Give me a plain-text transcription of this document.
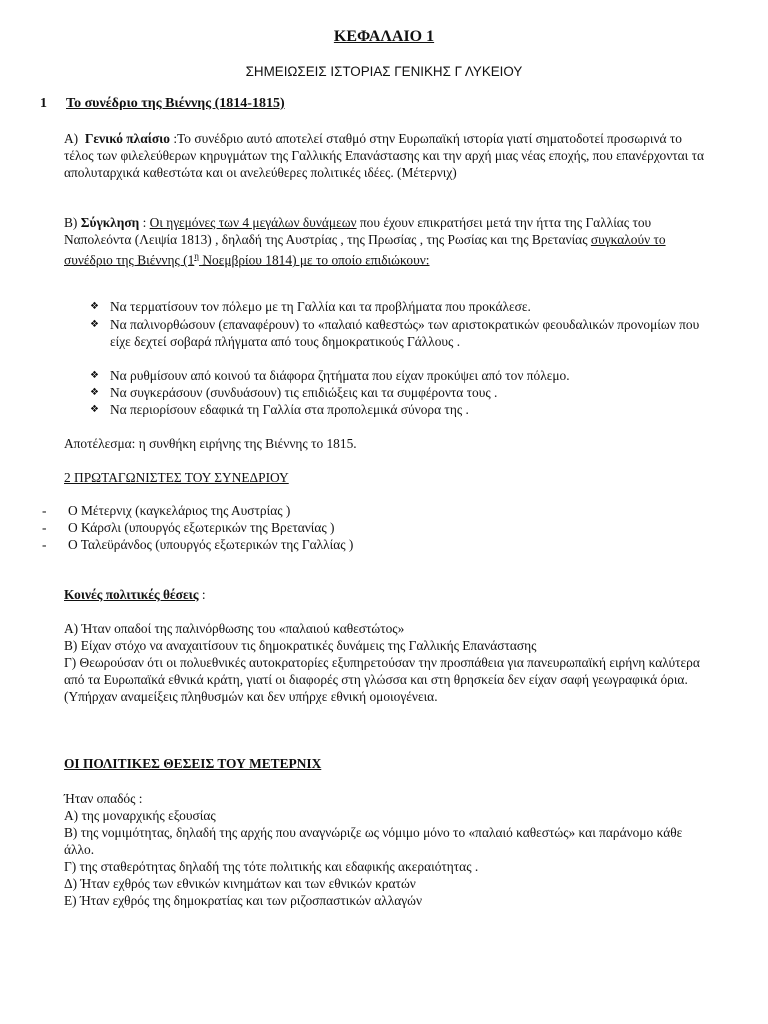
ΚΕΦΑΛΑΙΟ 1
ΣΗΜΕΙΩΣΕΙΣ ΙΣΤΟΡΙΑΣ ΓΕΝΙΚΗΣ Γ ΛΥΚΕΙΟΥ
1 Το συνέδριο της Βιέννης (1814-1815)
Α) Γενικό πλαίσιο :Το συνέδριο αυτό αποτελεί σταθμό στην Ευρωπαϊκή ιστορία γιατί σηματοδοτεί προσωρινά το τέλος των φιλελεύθερων κηρυγμάτων της Γαλλικής Επανάστασης και την αρχή μιας νέας εποχής, που επανέρχονται τα απολυταρχικά καθεστώτα και οι ανελεύθερες πολιτικές ιδέες. (Μέτερνιχ)
Β) Σύγκληση : Οι ηγεμόνες των 4 μεγάλων δυνάμεων που έχουν επικρατήσει μετά την ήττα της Γαλλίας του Ναπολεόντα (Λειψία 1813) , δηλαδή της Αυστρίας , της Πρωσίας , της Ρωσίας και της Βρετανίας συγκαλούν το συνέδριο της Βιέννης ($1^\eta$ Νοεμβρίου 1814) με το οποίο επιδιώκουν:
❖ Να τερματίσουν τον πόλεμο με τη Γαλλία και τα προβλήματα που προκάλεσε.
❖ Να παλινορθώσουν (επαναφέρουν) το «παλαιό καθεστώς» των αριστοκρατικών φεουδαλικών προνομίων που είχε δεχτεί σοβαρά πλήγματα από τους δημοκρατικούς Γάλλους .
❖ Να ρυθμίσουν από κοινού τα διάφορα ζητήματα που είχαν προκύψει από τον πόλεμο.
❖ Να συγκεράσουν (συνδυάσουν) τις επιδιώξεις και τα συμφέροντα τους .
❖ Να περιορίσουν εδαφικά τη Γαλλία στα προπολεμικά σύνορα της .
Αποτέλεσμα: η συνθήκη ειρήνης της Βιέννης το 1815.
2 ΠΡΩΤΑΓΩΝΙΣΤΕΣ ΤΟΥ ΣΥΝΕΔΡΙΟΥ
- Ο Μέτερνιχ (καγκελάριος της Αυστρίας )
- Ο Κάρσλι (υπουργός εξωτερικών της Βρετανίας )
- Ο Ταλεϋράνδος (υπουργός εξωτερικών της Γαλλίας )
Κοινές πολιτικές θέσεις :
Α) Ήταν οπαδοί της παλινόρθωσης του «παλαιού καθεστώτος»
Β) Είχαν στόχο να αναχαιτίσουν τις δημοκρατικές δυνάμεις της Γαλλικής Επανάστασης
Γ) Θεωρούσαν ότι οι πολυεθνικές αυτοκρατορίες εξυπηρετούσαν την προσπάθεια για πανευρωπαϊκή ειρήνη καλύτερα από τα Ευρωπαϊκά εθνικά κράτη, γιατί οι διαφορές στη γλώσσα και στη θρησκεία δεν είχαν σαφή γεωγραφικά όρια.(Υπήρχαν αναμείξεις πληθυσμών και δεν υπήρχε εθνική ομοιογένεια.
ΟΙ ΠΟΛΙΤΙΚΕΣ ΘΕΣΕΙΣ ΤΟΥ ΜΕΤΕΡΝΙΧ
Ήταν οπαδός :
Α) της μοναρχικής εξουσίας
Β) της νομιμότητας, δηλαδή της αρχής που αναγνώριζε ως νόμιμο μόνο το «παλαιό καθεστώς» και παράνομο κάθε άλλο.
Γ) της σταθερότητας δηλαδή της τότε πολιτικής και εδαφικής ακεραιότητας .
Δ) Ήταν εχθρός των εθνικών κινημάτων και των εθνικών κρατών
Ε) Ήταν εχθρός της δημοκρατίας και των ριζοσπαστικών αλλαγών
